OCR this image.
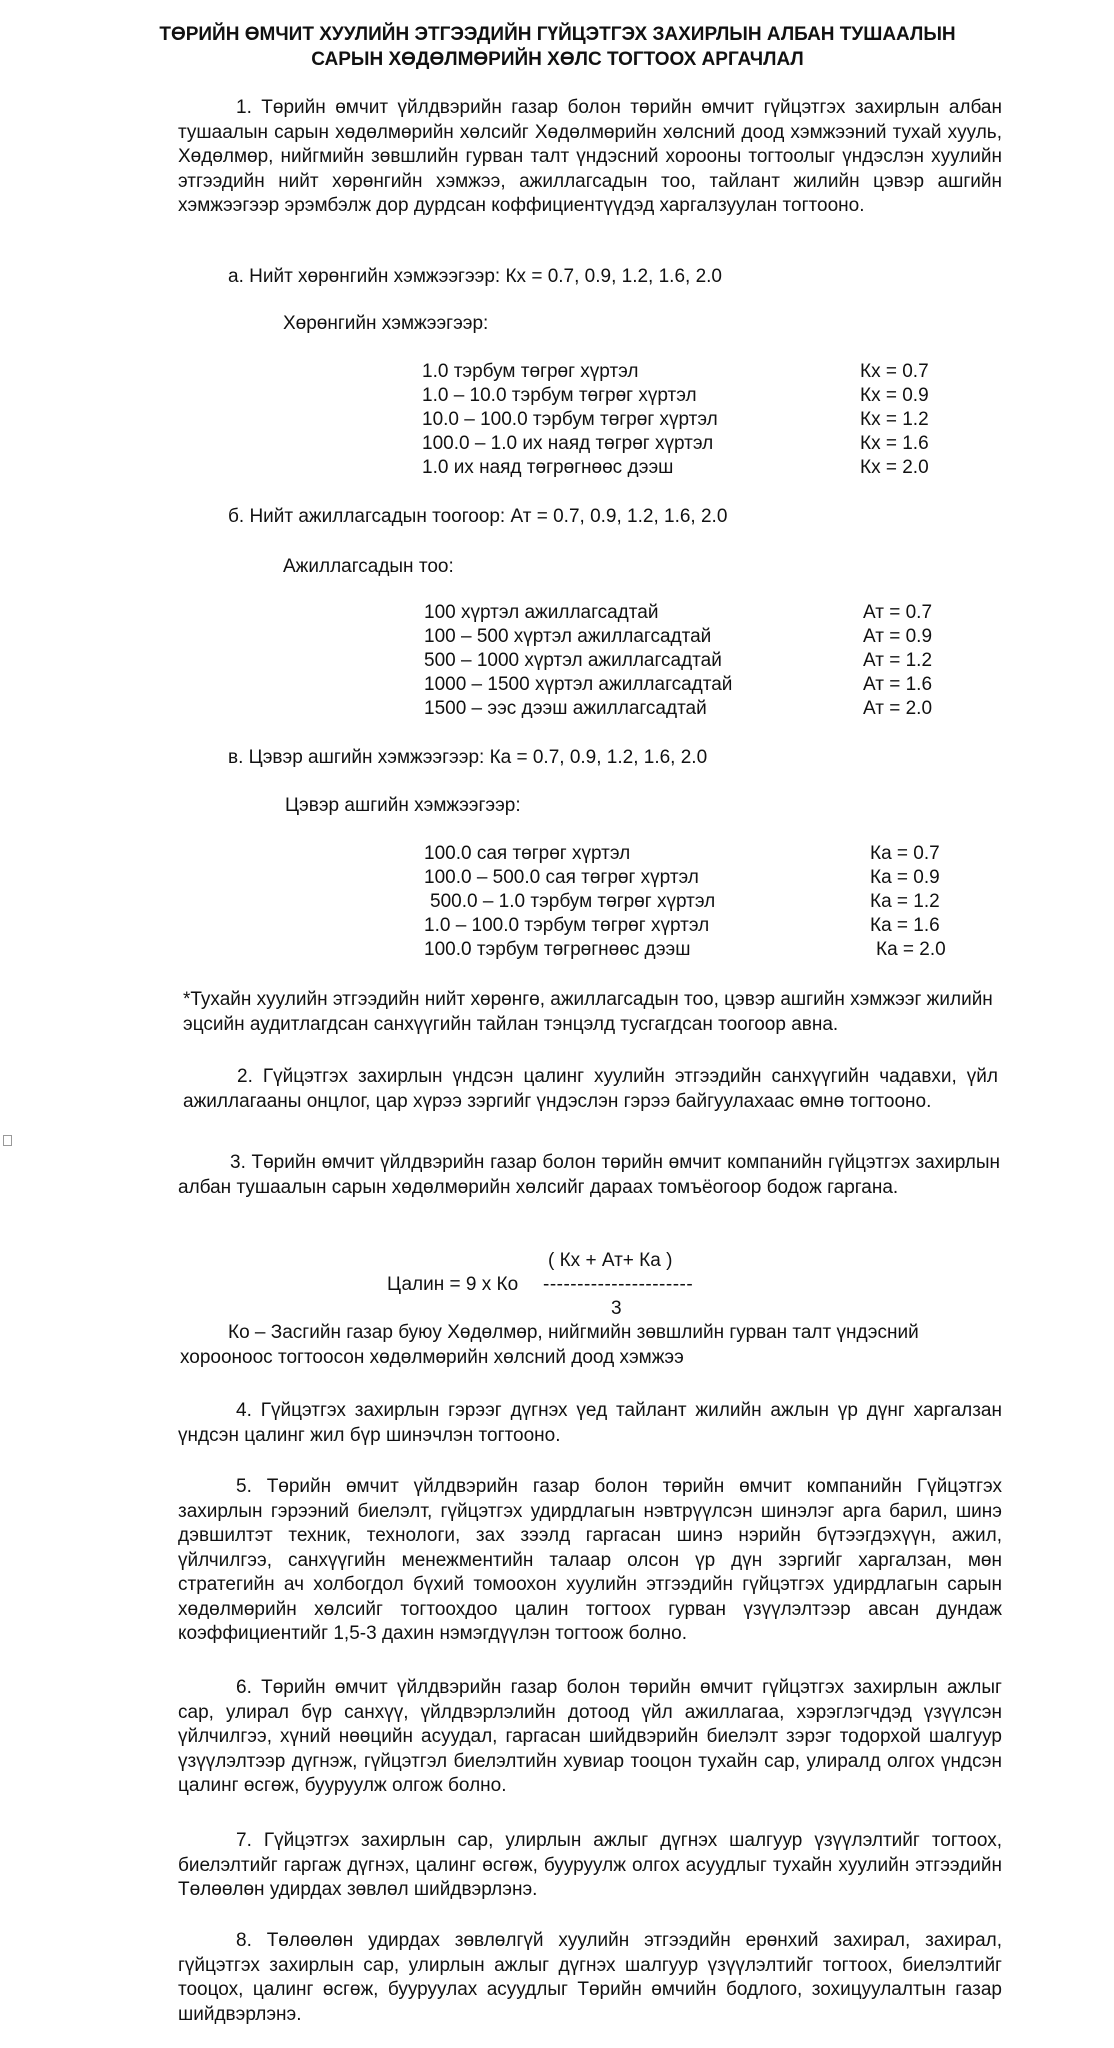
ТӨРИЙН ӨМЧИТ ХУУЛИЙН ЭТГЭЭДИЙН ГҮЙЦЭТГЭХ ЗАХИРЛЫН АЛБАН ТУШААЛЫН САРЫН ХӨДӨЛМӨРИЙН ХӨЛС ТОГТООХ АРГАЧЛАЛ

1. Төрийн өмчит үйлдвэрийн газар болон төрийн өмчит гүйцэтгэх захирлын албан тушаалын сарын хөдөлмөрийн хөлсийг Хөдөлмөрийн хөлсний доод хэмжээний тухай хууль, Хөдөлмөр, нийгмийн зөвшлийн гурван талт үндэсний хорооны тогтоолыг үндэслэн хуулийн этгээдийн нийт хөрөнгийн хэмжээ, ажиллагсадын тоо, тайлант жилийн цэвэр ашгийн хэмжээгээр эрэмбэлж дор дурдсан коффициентүүдэд харгалзуулан тогтооно.

а. Нийт хөрөнгийн хэмжээгээр: Кх = 0.7, 0.9, 1.2, 1.6, 2.0
Хөрөнгийн хэмжээгээр:
1.0 тэрбум төгрөг хүртэл	Кх = 0.7
1.0 – 10.0 тэрбум төгрөг хүртэл	Кх = 0.9
10.0 – 100.0 тэрбум төгрөг хүртэл	Кх = 1.2
100.0 – 1.0 их наяд төгрөг хүртэл	Кх = 1.6
1.0 их наяд төгрөгнөөс дээш	Кх = 2.0
б. Нийт ажиллагсадын тоогоор: Ат = 0.7, 0.9, 1.2, 1.6, 2.0
Ажиллагсадын тоо:
100 хүртэл ажиллагсадтай	Ат = 0.7
100 – 500 хүртэл ажиллагсадтай	Ат = 0.9
500 – 1000 хүртэл ажиллагсадтай	Ат = 1.2
1000 – 1500 хүртэл ажиллагсадтай	Ат = 1.6
1500 – ээс дээш ажиллагсадтай	Ат = 2.0
в. Цэвэр ашгийн хэмжээгээр: Ка = 0.7, 0.9, 1.2, 1.6, 2.0
Цэвэр ашгийн хэмжээгээр:
100.0 сая төгрөг хүртэл	Ка = 0.7
100.0 – 500.0 сая төгрөг хүртэл	Ка = 0.9
500.0 – 1.0 тэрбум төгрөг хүртэл	Ка = 1.2
1.0 – 100.0 тэрбум төгрөг хүртэл	Ка = 1.6
100.0 тэрбум төгрөгнөөс дээш	Ка = 2.0

*Тухайн хуулийн этгээдийн нийт хөрөнгө, ажиллагсадын тоо, цэвэр ашгийн хэмжээг жилийн эцсийн аудитлагдсан санхүүгийн тайлан тэнцэлд тусгагдсан тоогоор авна.

2. Гүйцэтгэх захирлын үндсэн цалинг хуулийн этгээдийн санхүүгийн чадавхи, үйл ажиллагааны онцлог, цар хүрээ зэргийг үндэслэн гэрээ байгуулахаас өмнө тогтооно.

3. Төрийн өмчит үйлдвэрийн газар болон төрийн өмчит компанийн гүйцэтгэх захирлын албан тушаалын сарын хөдөлмөрийн хөлсийг дараах томъёогоор бодож гаргана.

( Кх + Ат+ Ка )
Цалин = 9 х Ко ----------------------
3

Ко – Засгийн газар буюу Хөдөлмөр, нийгмийн зөвшлийн гурван талт үндэсний хорооноос тогтоосон хөдөлмөрийн хөлсний доод хэмжээ

4. Гүйцэтгэх захирлын гэрээг дүгнэх үед тайлант жилийн ажлын үр дүнг харгалзан үндсэн цалинг жил бүр шинэчлэн тогтооно.

5. Төрийн өмчит үйлдвэрийн газар болон төрийн өмчит компанийн Гүйцэтгэх захирлын гэрээний биелэлт, гүйцэтгэх удирдлагын нэвтрүүлсэн шинэлэг арга барил, шинэ дэвшилтэт техник, технологи, зах зээлд гаргасан шинэ нэрийн бүтээгдэхүүн, ажил, үйлчилгээ, санхүүгийн менежментийн талаар олсон үр дүн зэргийг харгалзан, мөн стратегийн ач холбогдол бүхий томоохон хуулийн этгээдийн гүйцэтгэх удирдлагын сарын хөдөлмөрийн хөлсийг тогтоохдоо цалин тогтоох гурван үзүүлэлтээр авсан дундаж коэффициентийг 1,5-3 дахин нэмэгдүүлэн тогтоож болно.

6. Төрийн өмчит үйлдвэрийн газар болон төрийн өмчит гүйцэтгэх захирлын ажлыг сар, улирал бүр санхүү, үйлдвэрлэлийн дотоод үйл ажиллагаа, хэрэглэгчдэд үзүүлсэн үйлчилгээ, хүний нөөцийн асуудал, гаргасан шийдвэрийн биелэлт зэрэг тодорхой шалгуур үзүүлэлтээр дүгнэж, гүйцэтгэл биелэлтийн хувиар тооцон тухайн сар, улиралд олгох үндсэн цалинг өсгөж, бууруулж олгож болно.

7. Гүйцэтгэх захирлын сар, улирлын ажлыг дүгнэх шалгуур үзүүлэлтийг тогтоох, биелэлтийг гаргаж дүгнэх, цалинг өсгөж, бууруулж олгох асуудлыг тухайн хуулийн этгээдийн Төлөөлөн удирдах зөвлөл шийдвэрлэнэ.

8. Төлөөлөн удирдах зөвлөлгүй хуулийн этгээдийн ерөнхий захирал, захирал, гүйцэтгэх захирлын сар, улирлын ажлыг дүгнэх шалгуур үзүүлэлтийг тогтоох, биелэлтийг тооцох, цалинг өсгөж, бууруулах асуудлыг Төрийн өмчийн бодлого, зохицуулалтын газар шийдвэрлэнэ.
